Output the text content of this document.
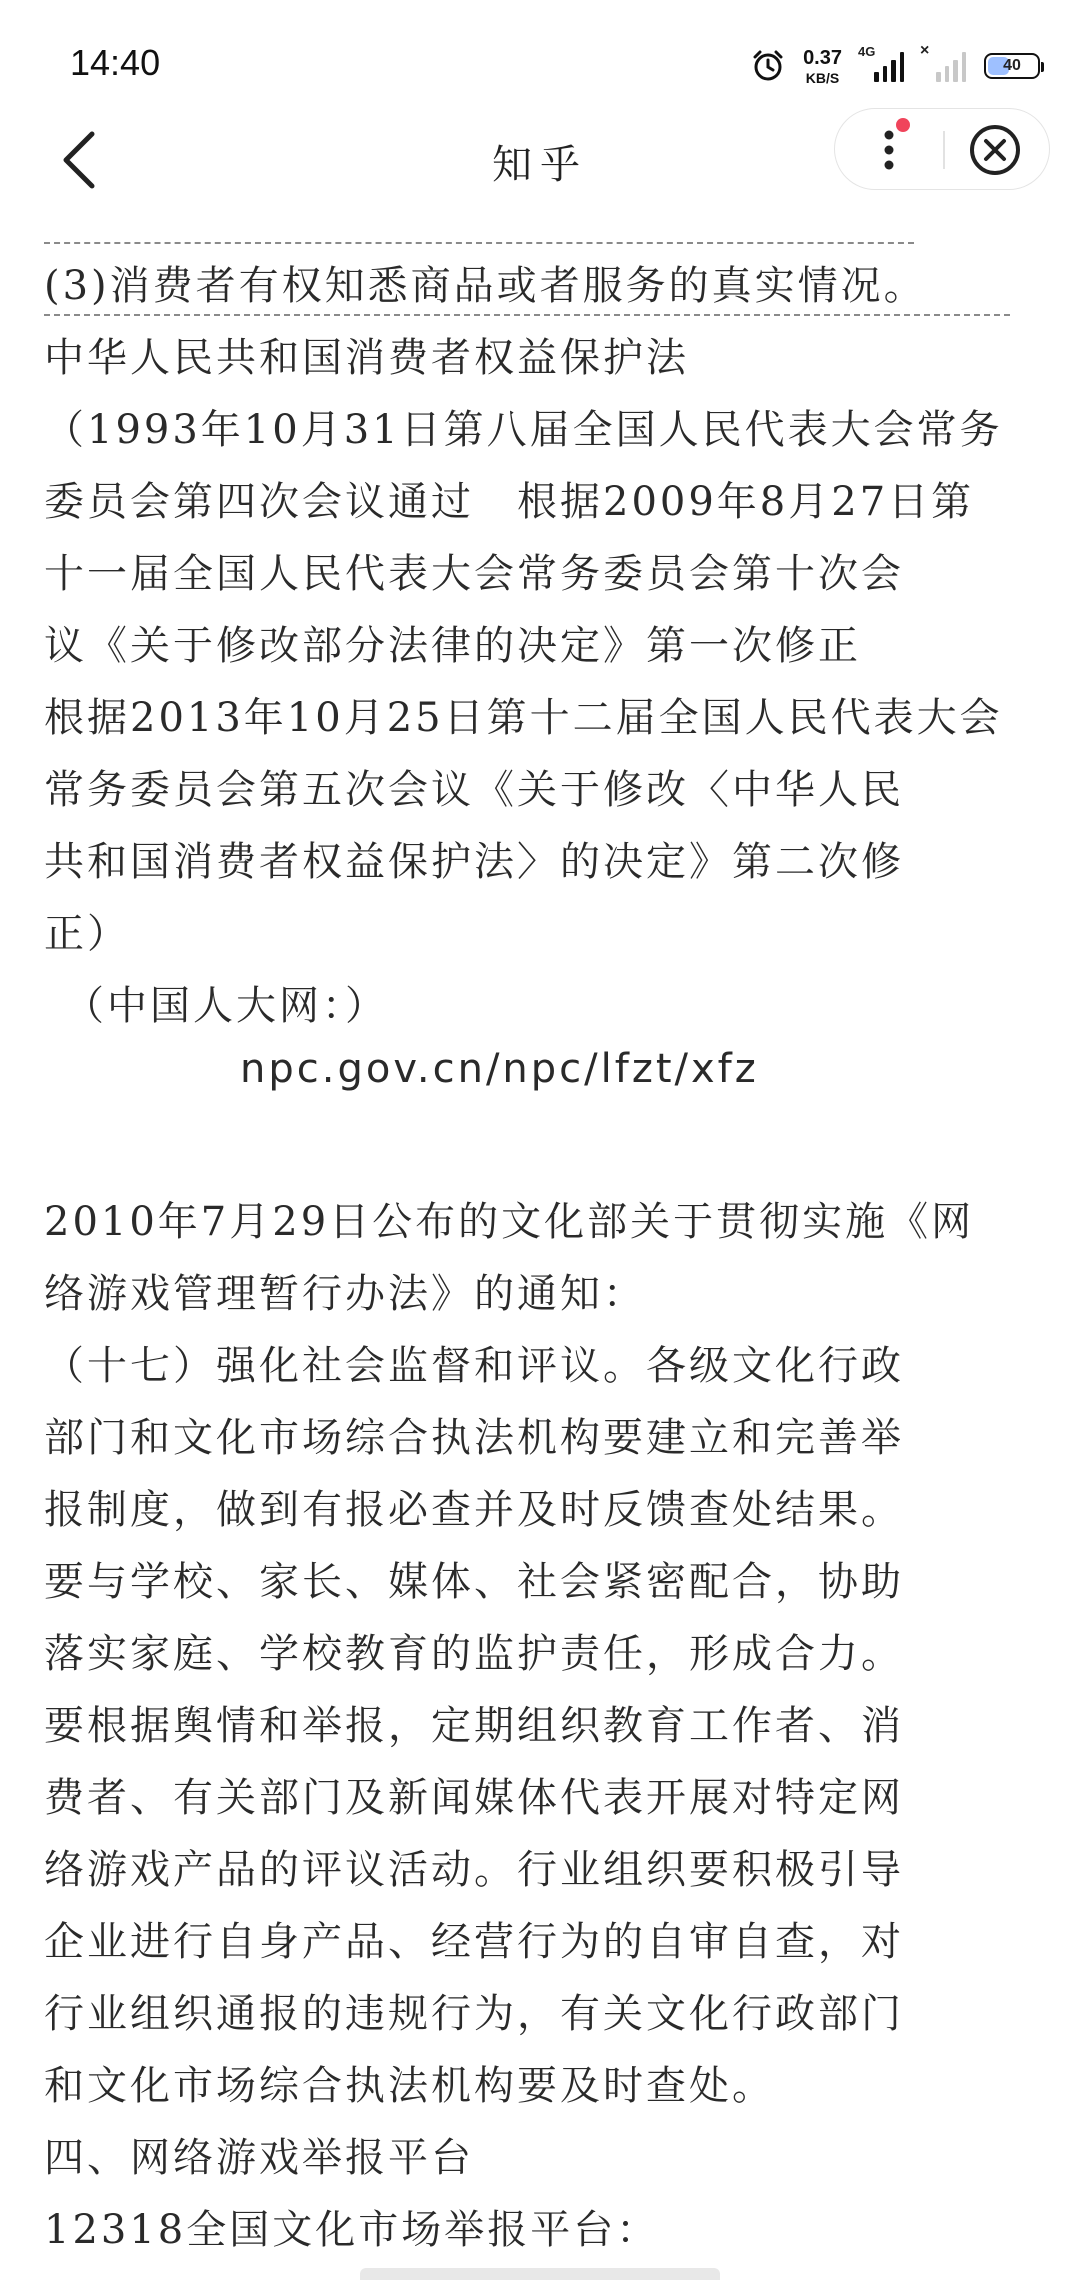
14:40	0.37
KB/S
4G	×
40
知乎
(3)消费者有权知悉商品或者服务的真实情况。
中华人民共和国消费者权益保护法
（1993年10月31日第八届全国人民代表大会常务
委员会第四次会议通过　根据2009年8月27日第
十一届全国人民代表大会常务委员会第十次会
议《关于修改部分法律的决定》第一次修正
根据2013年10月25日第十二届全国人民代表大会
常务委员会第五次会议《关于修改〈中华人民
共和国消费者权益保护法〉的决定》第二次修
正）
（中国人大网：）
npc.gov.cn/npc/lfzt/xfz
2010年7月29日公布的文化部关于贯彻实施《网
络游戏管理暂行办法》的通知：
（十七）强化社会监督和评议。各级文化行政
部门和文化市场综合执法机构要建立和完善举
报制度，做到有报必查并及时反馈查处结果。
要与学校、家长、媒体、社会紧密配合，协助
落实家庭、学校教育的监护责任，形成合力。
要根据舆情和举报，定期组织教育工作者、消
费者、有关部门及新闻媒体代表开展对特定网
络游戏产品的评议活动。行业组织要积极引导
企业进行自身产品、经营行为的自审自查，对
行业组织通报的违规行为，有关文化行政部门
和文化市场综合执法机构要及时查处。
四、网络游戏举报平台
12318全国文化市场举报平台：
